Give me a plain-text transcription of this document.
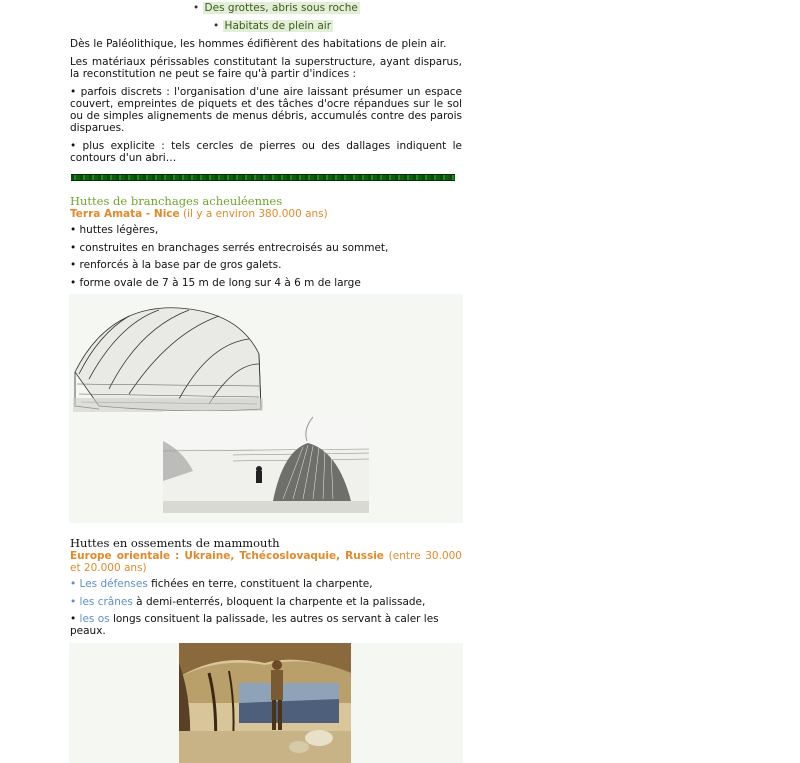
• Des grottes, abris sous roche
• Habitats de plein air

Dès le Paléolithique, les hommes édifièrent des habitations de plein air.

Les matériaux périssables constitutant la superstructure, ayant disparus, la reconstitution ne peut se faire qu'à partir d'indices :

• parfois discrets : l'organisation d'une aire laissant présumer un espace couvert, empreintes de piquets et des tâches d'ocre répandues sur le sol ou de simples alignements de menus débris, accumulés contre des parois disparues.

• plus explicite : tels cercles de pierres ou des dallages indiquent le contours d'un abri…

Huttes de branchages acheuléennes
Terra Amata - Nice (il y a environ 380.000 ans)
• huttes légères,
• construites en branchages serrés entrecroisés au sommet,
• renforcés à la base par de gros galets.
• forme ovale de 7 à 15 m de long sur 4 à 6 m de large
Huttes en ossements de mammouth
Europe orientale : Ukraine, Tchécoslovaquie, Russie (entre 30.000 et 20.000 ans)
• Les défenses fichées en terre, constituent la charpente,
• les crânes à demi-enterrés, bloquent la charpente et la palissade,
• les os longs consituent la palissade, les autres os servant à caler les peaux.
